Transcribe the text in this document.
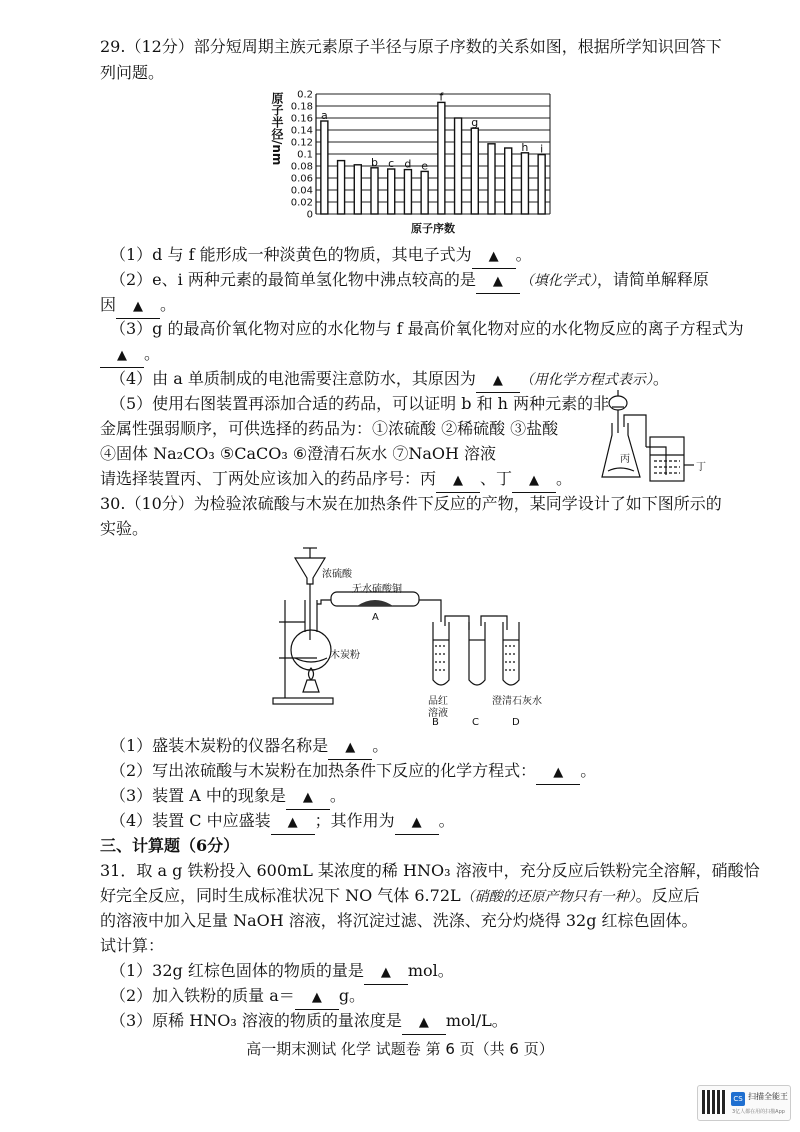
29.（12分）部分短周期主族元素原子半径与原子序数的关系如图，根据所学知识回答下
列问题。
0.2
0.18
0.16
0.14
0.12
0.1
0.08
0.06
0.04
0.02
0
a
b c d e
f
g
h i
原子序数
原子半径/nm
（1）d 与 f 能形成一种淡黄色的物质，其电子式为 ▲ 。
（2）e、i 两种元素的最简单氢化物中沸点较高的是 ▲ （填化学式），请简单解释原
因 ▲ 。
（3）g 的最高价氧化物对应的水化物与 f 最高价氧化物对应的水化物反应的离子方程式为
▲ 。
（4）由 a 单质制成的电池需要注意防水，其原因为 ▲ （用化学方程式表示）。
（5）使用右图装置再添加合适的药品，可以证明 b 和 h 两种元素的非
金属性强弱顺序，可供选择的药品为：①浓硫酸 ②稀硫酸 ③盐酸
④固体 Na₂CO₃ ⑤CaCO₃ ⑥澄清石灰水 ⑦NaOH 溶液
请选择装置丙、丁两处应该加入的药品序号：丙 ▲ 、丁 ▲ 。
丙
丁
30.（10分）为检验浓硫酸与木炭在加热条件下反应的产物，某同学设计了如下图所示的
实验。
浓硫酸
无水硫酸铜
A
木炭粉
品红
溶液
澄清石灰水
B	C	D
（1）盛装木炭粉的仪器名称是 ▲ 。
（2）写出浓硫酸与木炭粉在加热条件下反应的化学方程式： ▲ 。
（3）装置 A 中的现象是 ▲ 。
（4）装置 C 中应盛装 ▲ ；其作用为 ▲ 。
三、计算题（6分）
31．取 a g 铁粉投入 600mL 某浓度的稀 HNO₃ 溶液中，充分反应后铁粉完全溶解，硝酸恰
好完全反应，同时生成标准状况下 NO 气体 6.72L（硝酸的还原产物只有一种）。反应后
的溶液中加入足量 NaOH 溶液，将沉淀过滤、洗涤、充分灼烧得 32g 红棕色固体。
试计算：
（1）32g 红棕色固体的物质的量是 ▲ mol。
（2）加入铁粉的质量 a＝ ▲ g。
（3）原稀 HNO₃ 溶液的物质的量浓度是 ▲ mol/L。
高一期末测试 化学 试题卷 第 6 页（共 6 页）
CS 扫描全能王
3亿人都在用的扫描App
